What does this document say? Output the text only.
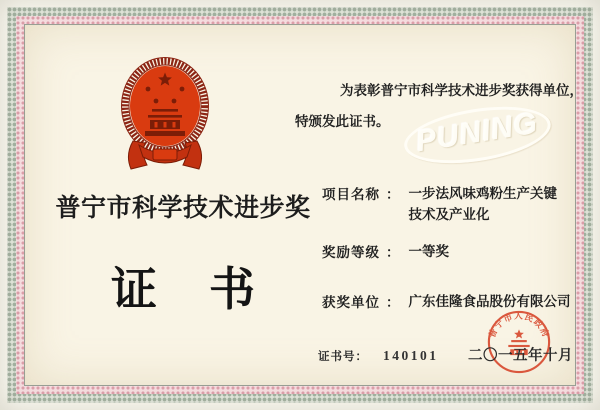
PUNING
普宁市科学技术进步奖
证 书
为表彰普宁市科学技术进步奖获得单位，
特颁发此证书。
项目名称 ： 一步法风味鸡粉生产关键
技术及产业化
奖励等级 ： 一等奖
获奖单位 ： 广东佳隆食品股份有限公司
证书号： 140101
普宁市人民政府
二〇一五年十月
